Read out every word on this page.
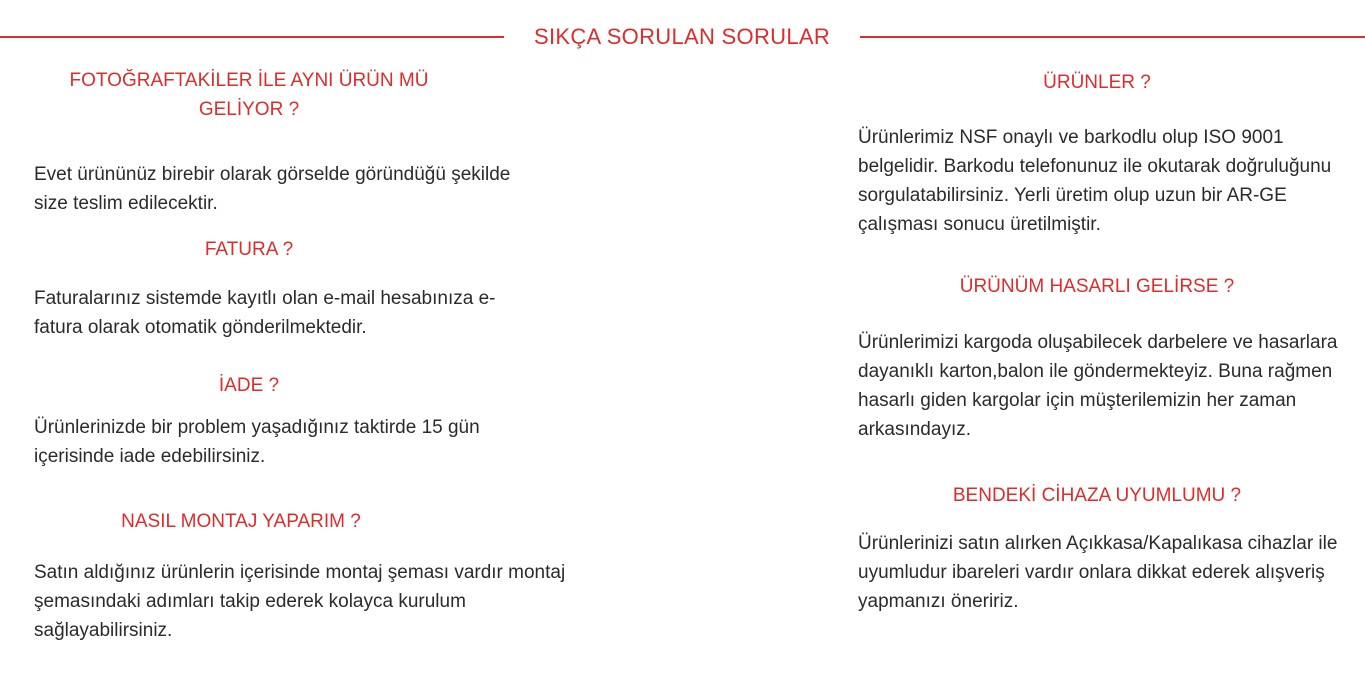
SIKÇA SORULAN SORULAR
FOTOĞRAFTAKİLER İLE AYNI ÜRÜN MÜ GELİYOR ?
Evet ürününüz birebir olarak görselde göründüğü şekilde size teslim edilecektir.
FATURA ?
Faturalarınız sistemde kayıtlı olan e-mail hesabınıza e-fatura olarak otomatik gönderilmektedir.
İADE ?
Ürünlerinizde bir problem yaşadığınız taktirde 15 gün içerisinde iade edebilirsiniz.
NASIL MONTAJ YAPARIM ?
Satın aldığınız ürünlerin içerisinde montaj şeması vardır montaj şemasındaki adımları takip ederek kolayca kurulum sağlayabilirsiniz.
ÜRÜNLER ?
Ürünlerimiz NSF onaylı ve barkodlu olup ISO 9001 belgelidir. Barkodu telefonunuz ile okutarak doğruluğunu sorgulatabilirsiniz. Yerli üretim olup uzun bir AR-GE çalışması sonucu üretilmiştir.
ÜRÜNÜM HASARLI GELİRSE ?
Ürünlerimizi kargoda oluşabilecek darbelere ve hasarlara dayanıklı karton,balon ile göndermekteyiz. Buna rağmen hasarlı giden kargolar için müşterilemizin her zaman arkasındayız.
BENDEKİ CİHAZA UYUMLUMU ?
Ürünlerinizi satın alırken Açıkkasa/Kapalıkasa cihazlar ile uyumludur ibareleri vardır onlara dikkat ederek alışveriş yapmanızı öneririz.
